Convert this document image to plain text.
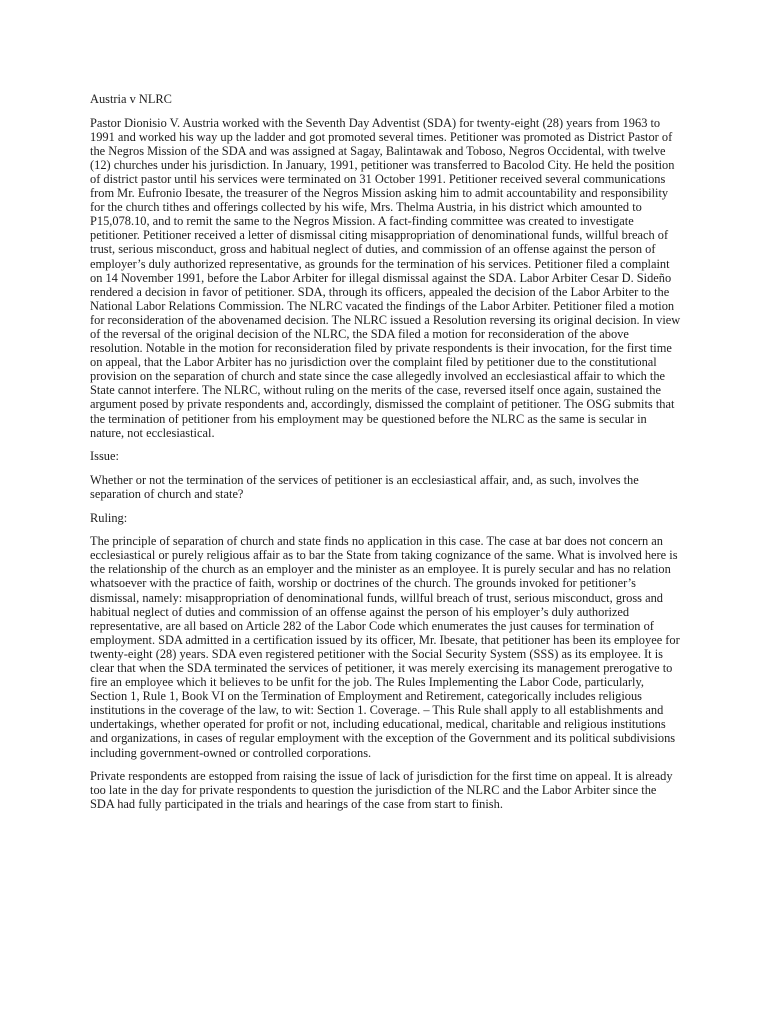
Austria v NLRC

Pastor Dionisio V. Austria worked with the Seventh Day Adventist (SDA) for twenty-eight (28) years from 1963 to 1991 and worked his way up the ladder and got promoted several times. Petitioner was promoted as District Pastor of the Negros Mission of the SDA and was assigned at Sagay, Balintawak and Toboso, Negros Occidental, with twelve (12) churches under his jurisdiction. In January, 1991, petitioner was transferred to Bacolod City. He held the position of district pastor until his services were terminated on 31 October 1991. Petitioner received several communications from Mr. Eufronio Ibesate, the treasurer of the Negros Mission asking him to admit accountability and responsibility for the church tithes and offerings collected by his wife, Mrs. Thelma Austria, in his district which amounted to P15,078.10, and to remit the same to the Negros Mission. A fact-finding committee was created to investigate petitioner. Petitioner received a letter of dismissal citing misappropriation of denominational funds, willful breach of trust, serious misconduct, gross and habitual neglect of duties, and commission of an offense against the person of employer’s duly authorized representative, as grounds for the termination of his services. Petitioner filed a complaint on 14 November 1991, before the Labor Arbiter for illegal dismissal against the SDA. Labor Arbiter Cesar D. Sideño rendered a decision in favor of petitioner. SDA, through its officers, appealed the decision of the Labor Arbiter to the National Labor Relations Commission. The NLRC vacated the findings of the Labor Arbiter. Petitioner filed a motion for reconsideration of the abovenamed decision. The NLRC issued a Resolution reversing its original decision. In view of the reversal of the original decision of the NLRC, the SDA filed a motion for reconsideration of the above resolution. Notable in the motion for reconsideration filed by private respondents is their invocation, for the first time on appeal, that the Labor Arbiter has no jurisdiction over the complaint filed by petitioner due to the constitutional provision on the separation of church and state since the case allegedly involved an ecclesiastical affair to which the State cannot interfere. The NLRC, without ruling on the merits of the case, reversed itself once again, sustained the argument posed by private respondents and, accordingly, dismissed the complaint of petitioner. The OSG submits that the termination of petitioner from his employment may be questioned before the NLRC as the same is secular in nature, not ecclesiastical.

Issue:

Whether or not the termination of the services of petitioner is an ecclesiastical affair, and, as such, involves the separation of church and state?

Ruling:

The principle of separation of church and state finds no application in this case. The case at bar does not concern an ecclesiastical or purely religious affair as to bar the State from taking cognizance of the same. What is involved here is the relationship of the church as an employer and the minister as an employee. It is purely secular and has no relation whatsoever with the practice of faith, worship or doctrines of the church. The grounds invoked for petitioner’s dismissal, namely: misappropriation of denominational funds, willful breach of trust, serious misconduct, gross and habitual neglect of duties and commission of an offense against the person of his employer’s duly authorized representative, are all based on Article 282 of the Labor Code which enumerates the just causes for termination of employment. SDA admitted in a certification issued by its officer, Mr. Ibesate, that petitioner has been its employee for twenty-eight (28) years. SDA even registered petitioner with the Social Security System (SSS) as its employee. It is clear that when the SDA terminated the services of petitioner, it was merely exercising its management prerogative to fire an employee which it believes to be unfit for the job. The Rules Implementing the Labor Code, particularly, Section 1, Rule 1, Book VI on the Termination of Employment and Retirement, categorically includes religious institutions in the coverage of the law, to wit: Section 1. Coverage. – This Rule shall apply to all establishments and undertakings, whether operated for profit or not, including educational, medical, charitable and religious institutions and organizations, in cases of regular employment with the exception of the Government and its political subdivisions including government-owned or controlled corporations.

Private respondents are estopped from raising the issue of lack of jurisdiction for the first time on appeal. It is already too late in the day for private respondents to question the jurisdiction of the NLRC and the Labor Arbiter since the SDA had fully participated in the trials and hearings of the case from start to finish.
